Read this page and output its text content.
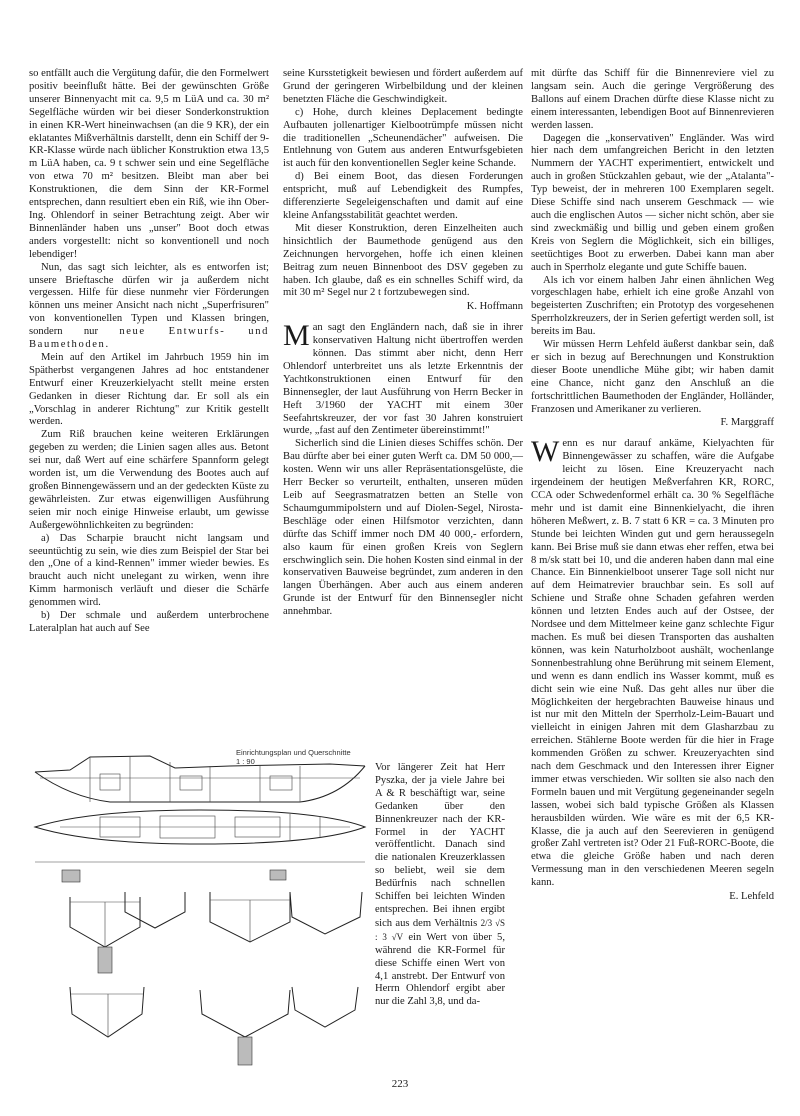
so entfällt auch die Vergütung dafür, die den Formelwert positiv beeinflußt hätte. Bei der gewünschten Größe unserer Binnenyacht mit ca. 9,5 m LüA und ca. 30 m² Segelfläche würden wir bei dieser Sonderkonstruktion in einen KR-Wert hineinwachsen (an die 9 KR), der ein eklatantes Mißverhältnis darstellt, denn ein Schiff der 9-KR-Klasse würde nach üblicher Konstruktion etwa 13,5 m LüA haben, ca. 9 t schwer sein und eine Segelfläche von etwa 70 m² besitzen. Bleibt man aber bei Konstruktionen, die dem Sinn der KR-Formel entsprechen, dann resultiert eben ein Riß, wie ihn Ober-Ing. Ohlendorf in seiner Betrachtung zeigt. Aber wir Binnenländer haben uns „unser" Boot doch etwas anders vorgestellt: nicht so konventionell und noch lebendiger!

Nun, das sagt sich leichter, als es entworfen ist; unsere Brieftasche dürfen wir ja außerdem nicht vergessen. Hilfe für diese nunmehr vier Förderungen können uns meiner Ansicht nach nicht „Superfrisuren" von konventionellen Typen und Klassen bringen, sondern nur neue Entwurfs- und Baumethoden.

Mein auf den Artikel im Jahrbuch 1959 hin im Spätherbst vergangenen Jahres ad hoc entstandener Entwurf einer Kreuzerkielyacht stellt meine ersten Gedanken in dieser Richtung dar. Er soll als ein „Vorschlag in anderer Richtung" zur Kritik gestellt werden.

Zum Riß brauchen keine weiteren Erklärungen gegeben zu werden; die Linien sagen alles aus. Betont sei nur, daß Wert auf eine schärfere Spannform gelegt worden ist, um die Verwendung des Bootes auch auf großen Binnengewässern und an der gedeckten Küste zu gewährleisten. Zur etwas eigenwilligen Ausführung seien mir noch einige Hinweise erlaubt, um gewisse Außergewöhnlichkeiten zu begründen:

a) Das Scharpie braucht nicht langsam und seeuntüchtig zu sein, wie dies zum Beispiel der Star bei den „One of a kind-Rennen" immer wieder bewies. Es braucht auch nicht unelegant zu wirken, wenn ihre Kimm harmonisch verläuft und dieser die Schärfe genommen wird.

b) Der schmale und außerdem unterbrochene Lateralplan hat auch auf See

seine Kursstetigkeit bewiesen und fördert außerdem auf Grund der geringeren Wirbelbildung und der kleinen benetzten Fläche die Geschwindigkeit.

c) Hohe, durch kleines Deplacement bedingte Aufbauten jollenartiger Kielbootrümpfe müssen nicht die traditionellen „Scheunendächer" aufweisen. Die Entlehnung von Gutem aus anderen Entwurfsgebieten ist auch für den konventionellen Segler keine Schande.

d) Bei einem Boot, das diesen Forderungen entspricht, muß auf Lebendigkeit des Rumpfes, differenzierte Segeleigenschaften und damit auf eine kleine Anfangsstabilität geachtet werden.

Mit dieser Konstruktion, deren Einzelheiten auch hinsichtlich der Baumethode genügend aus den Zeichnungen hervorgehen, hoffe ich einen kleinen Beitrag zum neuen Binnenboot des DSV gegeben zu haben. Ich glaube, daß es ein schnelles Schiff wird, da mit 30 m² Segel nur 2 t fortzubewegen sind.

K. Hoffmann

Man sagt den Engländern nach, daß sie in ihrer konservativen Haltung nicht übertroffen werden können. Das stimmt aber nicht, denn Herr Ohlendorf unterbreitet uns als letzte Erkenntnis der Yachtkonstruktionen einen Entwurf für den Binnensegler, der laut Ausführung von Herrn Becker in Heft 3/1960 der YACHT mit einem 30er Seefahrtskreuzer, der vor fast 30 Jahren konstruiert wurde, „fast auf den Zentimeter übereinstimmt!"

Sicherlich sind die Linien dieses Schiffes schön. Der Bau dürfte aber bei einer guten Werft ca. DM 50 000,— kosten. Wenn wir uns aller Repräsentationsgelüste, die Herr Becker so verurteilt, enthalten, unseren müden Leib auf Seegrasmatratzen betten an Stelle von Schaumgummipolstern und auf Diolen-Segel, Nirosta-Beschläge oder einen Hilfsmotor verzichten, dann dürfte das Schiff immer noch DM 40 000,- erfordern, also kaum für einen großen Kreis von Seglern erschwinglich sein. Die hohen Kosten sind einmal in der konservativen Bauweise begründet, zum anderen in den langen Überhängen. Aber auch aus einem anderen Grunde ist der Entwurf für den Binnensegler nicht annehmbar.

Einrichtungsplan und Querschnitte 1 : 90

Vor längerer Zeit hat Herr Pyszka, der ja viele Jahre bei A & R beschäftigt war, seine Gedanken über den Binnenkreuzer nach der KR-Formel in der YACHT veröffentlicht. Danach sind die nationalen Kreuzerklassen so beliebt, weil sie dem Bedürfnis nach schnellen Schiffen bei leichten Winden entsprechen. Bei ihnen ergibt sich aus dem Verhältnis 2/3 √S : 3 √V ein Wert von über 5, während die KR-Formel für diese Schiffe einen Wert von 4,1 anstrebt. Der Entwurf von Herrn Ohlendorf ergibt aber nur die Zahl 3,8, und da-

mit dürfte das Schiff für die Binnenreviere viel zu langsam sein. Auch die geringe Vergrößerung des Ballons auf einem Drachen dürfte diese Klasse nicht zu einem interessanten, lebendigen Boot auf Binnenrevieren werden lassen.

Dagegen die „konservativen" Engländer. Was wird hier nach dem umfangreichen Bericht in den letzten Nummern der YACHT experimentiert, entwickelt und auch in großen Stückzahlen gebaut, wie der „Atalanta"-Typ beweist, der in mehreren 100 Exemplaren segelt. Diese Schiffe sind nach unserem Geschmack — wie auch die englischen Autos — sicher nicht schön, aber sie sind zweckmäßig und billig und geben einem großen Kreis von Seglern die Möglichkeit, sich ein billiges, seetüchtiges Boot zu erwerben. Dabei kann man aber auch in Sperrholz elegante und gute Schiffe bauen.

Als ich vor einem halben Jahr einen ähnlichen Weg vorgeschlagen habe, erhielt ich eine große Anzahl von begeisterten Zuschriften; ein Prototyp des vorgesehenen Sperrholzkreuzers, der in Serien gefertigt werden soll, ist bereits im Bau.

Wir müssen Herrn Lehfeld äußerst dankbar sein, daß er sich in bezug auf Berechnungen und Konstruktion dieser Boote unendliche Mühe gibt; wir haben damit eine Chance, nicht ganz den Anschluß an die fortschrittlichen Baumethoden der Engländer, Holländer, Franzosen und Amerikaner zu verlieren.

F. Marggraff

Wenn es nur darauf ankäme, Kielyachten für Binnengewässer zu schaffen, wäre die Aufgabe leicht zu lösen. Eine Kreuzeryacht nach irgendeinem der heutigen Meßverfahren KR, RORC, CCA oder Schwedenformel erhält ca. 30 % Segelfläche mehr und ist damit eine Binnenkielyacht, die ihren höheren Meßwert, z. B. 7 statt 6 KR = ca. 3 Minuten pro Stunde bei leichten Winden gut und gern heraussegeln kann. Bei Brise muß sie dann etwas eher reffen, etwa bei 8 m/sk statt bei 10, und die anderen haben dann mal eine Chance. Ein Binnenkielboot unserer Tage soll nicht nur auf dem Heimatrevier brauchbar sein. Es soll auf Schiene und Straße ohne Schaden gefahren werden können und letzten Endes auch auf der Ostsee, der Nordsee und dem Mittelmeer keine ganz schlechte Figur machen. Es muß bei diesen Transporten das aushalten können, was kein Naturholzboot aushält, wochenlange Sonnenbestrahlung ohne Berührung mit seinem Element, und wenn es dann endlich ins Wasser kommt, muß es dicht sein wie eine Nuß. Das geht alles nur über die Möglichkeiten der hergebrachten Bauweise hinaus und ist nur mit den Mitteln der Sperrholz-Leim-Bauart und vielleicht in einigen Jahren mit dem Glasharzbau zu erreichen. Stählerne Boote werden für die hier in Frage kommenden Größen zu schwer. Kreuzeryachten sind nach dem Geschmack und den Interessen ihrer Eigner immer etwas verschieden. Wir sollten sie also nach den Formeln bauen und mit Vergütung gegeneinander segeln lassen, wobei sich bald typische Größen als Klassen herausbilden würden. Wie wäre es mit der 6,5 KR-Klasse, die ja auch auf den Seerevieren in genügend großer Zahl vertreten ist? Oder 21 Fuß-RORC-Boote, die etwa die gleiche Größe haben und nach deren Vermessung man in den verschiedenen Meeren segeln kann.

E. Lehfeld

223
